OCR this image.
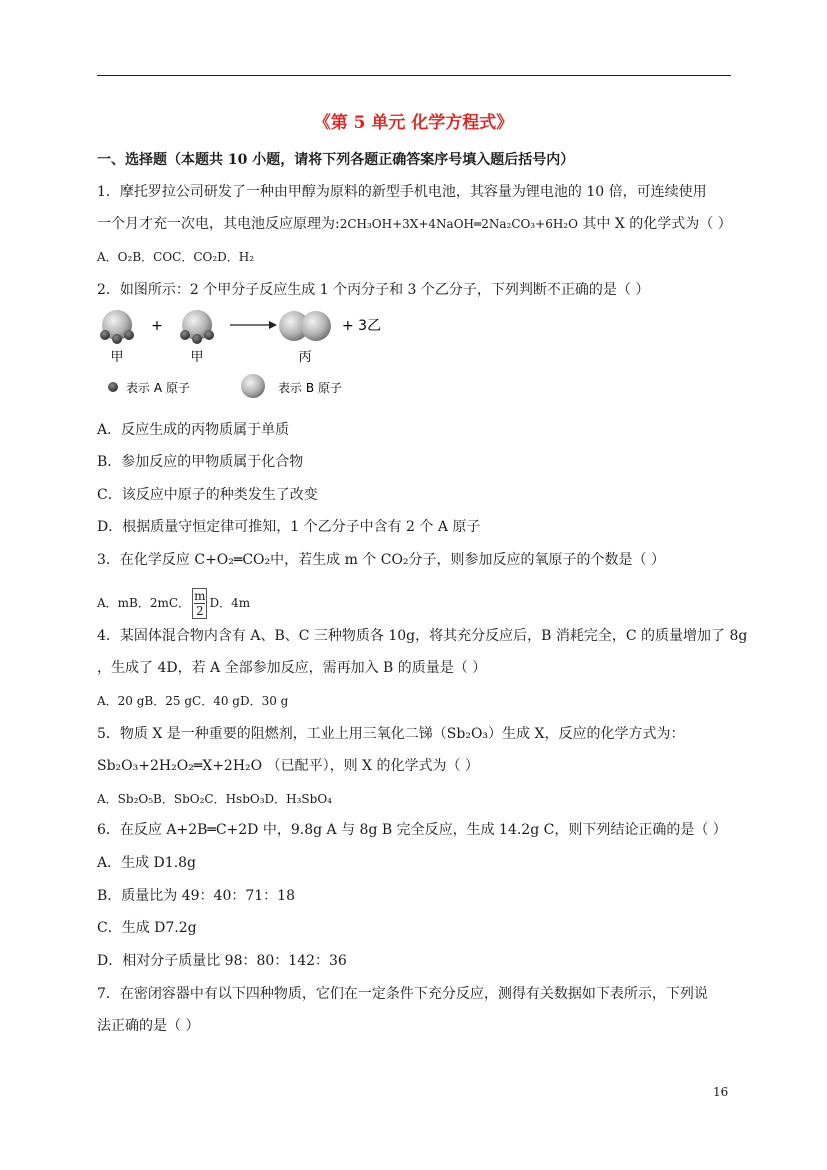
《第 5 单元 化学方程式》
一、选择题（本题共 10 小题，请将下列各题正确答案序号填入题后括号内）
1．摩托罗拉公司研发了一种由甲醇为原料的新型手机电池，其容量为锂电池的 10 倍，可连续使用
一个月才充一次电，其电池反应原理为:2CH₃OH+3X+4NaOH═2Na₂CO₃+6H₂O 其中 X 的化学式为（ ）
A．O₂B．COC．CO₂D．H₂
2．如图所示：2 个甲分子反应生成 1 个丙分子和 3 个乙分子，下列判断不正确的是（ ）
甲
+
甲	丙
+ 3乙
表示 A 原子	表示 B 原子
A．反应生成的丙物质属于单质
B．参加反应的甲物质属于化合物
C．该反应中原子的种类发生了改变
D．根据质量守恒定律可推知，1 个乙分子中含有 2 个 A 原子
3．在化学反应 C+O₂═CO₂中，若生成 m 个 CO₂分子，则参加反应的氧原子的个数是（ ）
A．mB．2mC． $\frac{m}{2}$ D．4m
4．某固体混合物内含有 A、B、C 三种物质各 10g，将其充分反应后，B 消耗完全，C 的质量增加了 8g
，生成了 4D，若 A 全部参加反应，需再加入 B 的质量是（ ）
A．20 gB．25 gC．40 gD．30 g
5．物质 X 是一种重要的阻燃剂，工业上用三氧化二锑（Sb₂O₃）生成 X，反应的化学方式为：
Sb₂O₃+2H₂O₂═X+2H₂O （已配平），则 X 的化学式为（ ）
A．Sb₂O₅B．SbO₂C．HsbO₃D．H₃SbO₄
6．在反应 A+2B═C+2D 中，9.8g A 与 8g B 完全反应，生成 14.2g C，则下列结论正确的是（ ）
A．生成 D1.8g
B．质量比为 49：40：71：18
C．生成 D7.2g
D．相对分子质量比 98：80：142：36
7．在密闭容器中有以下四种物质，它们在一定条件下充分反应，测得有关数据如下表所示，下列说
法正确的是（ ）
16
